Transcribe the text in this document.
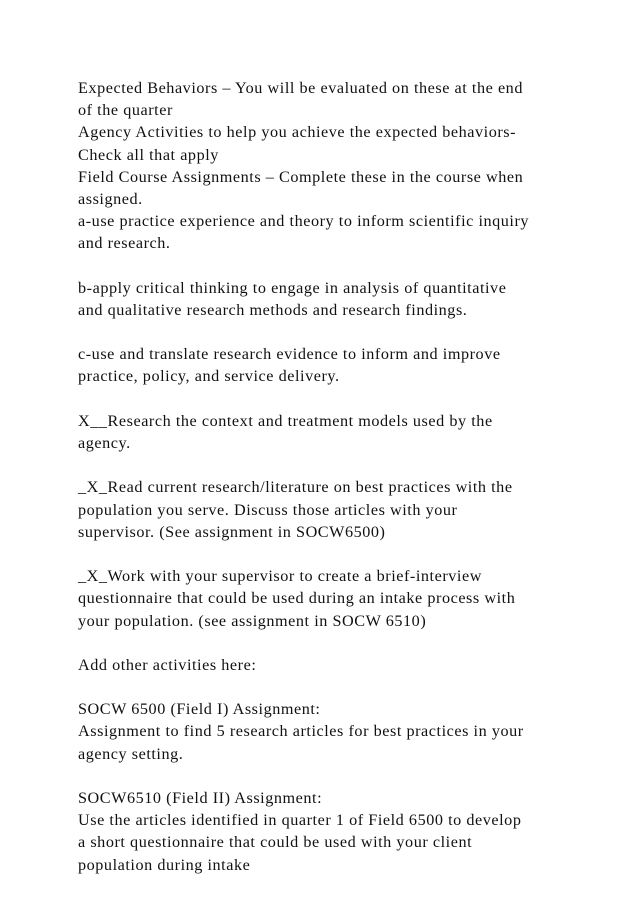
Expected Behaviors – You will be evaluated on these at the end
of the quarter
Agency Activities to help you achieve the expected behaviors-
Check all that apply
Field Course Assignments – Complete these in the course when
assigned.
a-use practice experience and theory to inform scientific inquiry
and research.
b-apply critical thinking to engage in analysis of quantitative
and qualitative research methods and research findings.
c-use and translate research evidence to inform and improve
practice, policy, and service delivery.
X__Research the context and treatment models used by the
agency.
_X_Read current research/literature on best practices with the
population you serve. Discuss those articles with your
supervisor. (See assignment in SOCW6500)
_X_Work with your supervisor to create a brief-interview
questionnaire that could be used during an intake process with
your population. (see assignment in SOCW 6510)
Add other activities here:
SOCW 6500 (Field I) Assignment:
Assignment to find 5 research articles for best practices in your
agency setting.
SOCW6510 (Field II) Assignment:
Use the articles identified in quarter 1 of Field 6500 to develop
a short questionnaire that could be used with your client
population during intake
